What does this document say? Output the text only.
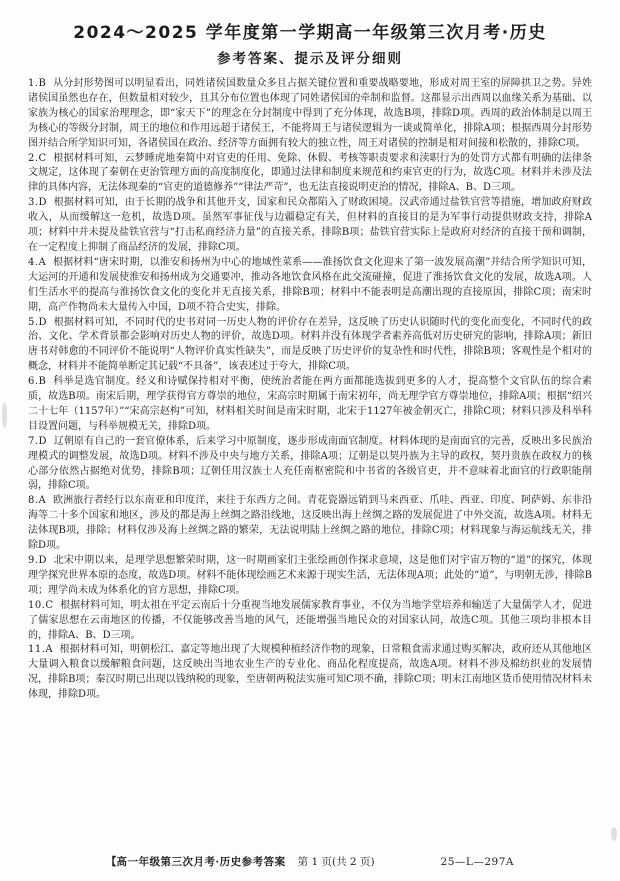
2024～2025 学年度第一学期高一年级第三次月考·历史
参考答案、提示及评分细则

1.B 从分封形势图可以明显看出，同姓诸侯国数量众多且占据关键位置和重要战略要地，形成对周王室的屏障拱卫之势。异姓诸侯国虽然也存在，但数量相对较少，且其分布位置也体现了同姓诸侯国的牵制和监督。这都显示出西周以血缘关系为基础、以家族为核心的国家治理理念，即“家天下”的理念在分封制度中得到了充分体现，故选B项，排除D项。西周的政治体制是以周王为核心的等级分封制，周王的地位和作用远超于诸侯王，不能将周王与诸侯逻辑为一谈或简单化，排除A项；根据西周分封形势图并结合所学知识可知，各诸侯国在政治、经济等方面拥有较大的独立性，周王对诸侯的控制是相对间接和松散的，排除C项。

2.C 根据材料可知，云梦睡虎地秦简中对官吏的任用、免除、休假、考核等职责要求和渎职行为的处罚方式都有明确的法律条文规定，这体现了秦朝在吏治管理方面的高度制度化，即通过法律和制度来规范和约束官吏的行为，故选C项。材料并未涉及法律的具体内容，无法体现秦的“官吏的道德修养”“律法严苛”，也无法直接说明吏治的情况，排除A、B、D三项。

3.D 根据材料可知，由于长期的战争和其他开支，国家和民众都陷入了财政困境。汉武帝通过盐铁官营等措施，增加政府财政收入，从而缓解这一危机，故选D项。虽然军事征伐与边疆稳定有关，但材料的直接目的是为军事行动提供财政支持，排除A项；材料中并未提及盐铁官营与“打击私商经济力量”的直接关系，排除B项；盐铁官营实际上是政府对经济的直接干预和调制，在一定程度上抑制了商品经济的发展，排除C项。

4.A 根据材料“唐宋时期，以淮安和扬州为中心的地域性菜系——淮扬饮食文化迎来了第一波发展高潮”并结合所学知识可知，大运河的开通和发展使淮安和扬州成为交通要冲，推动各地饮食风格在此交流碰撞，促进了淮扬饮食文化的发展，故选A项。人们生活水平的提高与淮扬饮食文化的变化并无直接关系，排除B项；材料中不能表明是高潮出现的直接原因，排除C项；南宋时期，高产作物尚未大量传入中国，D项不符合史实，排除。

5.D 根据材料可知，不同时代的史书对同一历史人物的评价存在差异，这反映了历史认识随时代的变化而变化，不同时代的政治、文化、学术背景都会影响对历史人物的评价，故选D项。材料并没有体现学者素养高低对历史研究的影响，排除A项；新旧唐书对韩愈的不同评价不能说明“人物评价真实性缺失”，而是反映了历史评价的复杂性和时代性，排除B项；客观性是个相对的概念，材料并不能简单断定其记载“不具备”，该表述过于夸大，排除C项。

6.B 科举是选官制度。经义和诗赋保持相对平衡，使统治者能在两方面都能选拔到更多的人才，提高整个文官队伍的综合素质，故选B项。南宋后期，理学获得官方尊崇的地位，宋高宗时期属于南宋初年，尚无理学官方尊崇地位，排除A项；根据“绍兴二十七年（1157年）”“宋高宗赵构”可知，材料相关时间是南宋时期，北宋于1127年被金朝灭亡，排除C项；材料只涉及科举科目设置问题，与科举规模无关，排除D项。

7.D 辽朝原有自己的一套官僚体系，后来学习中原制度，逐步形成南面官制度。材料体现的是南面官的完善，反映出多民族治理模式的调整发展，故选D项。材料不涉及中央与地方关系，排除A项；辽朝是以契丹族为主导的政权，契丹贵族在政权力的核心部分依然占据绝对优势，排除B项；辽朝任用汉族士人充任南枢密院和中书省的各级官吏，并不意味着北面官的行政职能削弱，排除C项。

8.A 欧洲旅行者经行以东南亚和印度洋，来往于东西方之间。青花瓷器远销到马来西亚、爪哇、西亚、印度、阿萨姆、东非沿海等二十多个国家和地区，涉及的都是海上丝绸之路沿线地，这反映出海上丝绸之路的发展促进了中外交流，故选A项。材料无法体现B项，排除；材料仅涉及海上丝绸之路的繁荣，无法说明陆上丝绸之路的地位，排除C项；材料现象与海运航线无关，排除D项。

9.D 北宋中期以来，是理学思想繁荣时期，这一时期画家们主张绘画创作探求意境，这是他们对宇宙万物的“道”的探究，体现理学探究世界本原的态度，故选D项。材料不能体现绘画艺术来源于现实生活，无法体现A项；此处的“道”，与明朝无涉，排除B项；理学尚未成为体系化的官方思想，排除C项。

10.C 根据材料可知，明太祖在平定云南后十分重视当地发展儒家教育事业，不仅为当地学堂培养和输送了大量儒学人才，促进了儒家思想在云南地区的传播，不仅能够改善当地的风气，还能增强当地民众的对国家认同，故选C项。其他三项均非根本目的，排除A、B、D三项。

11.A 根据材料可知，明朝松江、嘉定等地出现了大规模种植经济作物的现象，日常粮食需求通过购买解决，政府还从其他地区大量调入粮食以缓解粮食问题，这反映出当地农业生产的专业化、商品化程度提高，故选A项。材料不涉及棉纺织业的发展情况，排除B项；秦汉时期已出现以钱纳税的现象，至唐朝两税法实施可知C项不确，排除C项；明末江南地区货币使用情况材料未体现，排除D项。

【高一年级第三次月考·历史参考答案 第 1 页(共 2 页)	25—L—297A
